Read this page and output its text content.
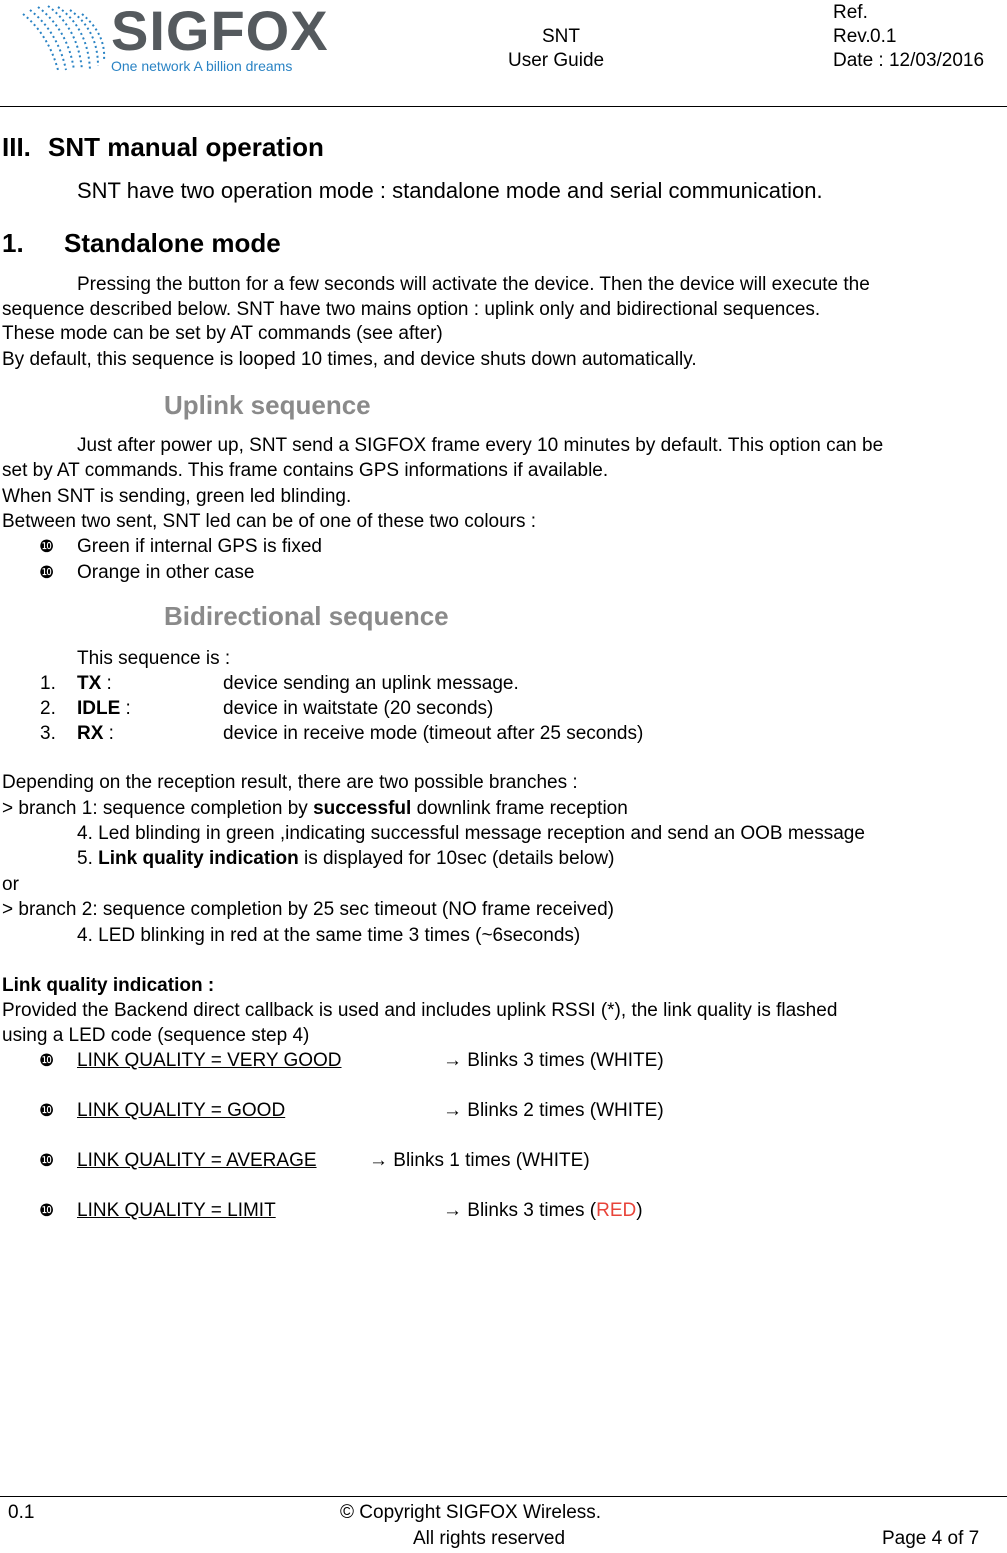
SIGFOX
One network A billion dreams
SNT
User Guide
Ref.
Rev. 0.1
Date : 12/03/2016
III. SNT manual operation
SNT have two operation mode : standalone mode and serial communication.
1. Standalone mode
Pressing the button for a few seconds will activate the device. Then the device will execute the
sequence described below. SNT have two mains option : uplink only and bidirectional sequences.
These mode can be set by AT commands (see after)
By default, this sequence is looped 10 times, and device shuts down automatically.
Uplink sequence
Just after power up, SNT send a SIGFOX frame every 10 minutes by default. This option can be
set by AT commands. This frame contains GPS informations if available.
When SNT is sending, green led blinding.
Between two sent, SNT led can be of one of these two colours :
❿ Green if internal GPS is fixed
❿ Orange in other case
Bidirectional sequence
This sequence is :
1. TX :	device sending an uplink message.
2. IDLE :	device in waitstate (20 seconds)
3. RX :	device in receive mode (timeout after 25 seconds)
Depending on the reception result, there are two possible branches :
> branch 1: sequence completion by successful downlink frame reception
4. Led blinding in green ,indicating successful message reception and send an OOB message
5. Link quality indication is displayed for 10sec (details below)
or
> branch 2: sequence completion by 25 sec timeout (NO frame received)
4. LED blinking in red at the same time 3 times (~6seconds)
Link quality indication :
Provided the Backend direct callback is used and includes uplink RSSI (*), the link quality is flashed
using a LED code (sequence step 4)
❿ LINK QUALITY = VERY GOOD	→ Blinks 3 times (WHITE)
❿ LINK QUALITY = GOOD	→ Blinks 2 times (WHITE)
❿ LINK QUALITY = AVERAGE	→ Blinks 1 times (WHITE)
❿ LINK QUALITY = LIMIT	→ Blinks 3 times (RED)
0.1	© Copyright SIGFOX Wireless.
All rights reserved	Page 4 of 7
